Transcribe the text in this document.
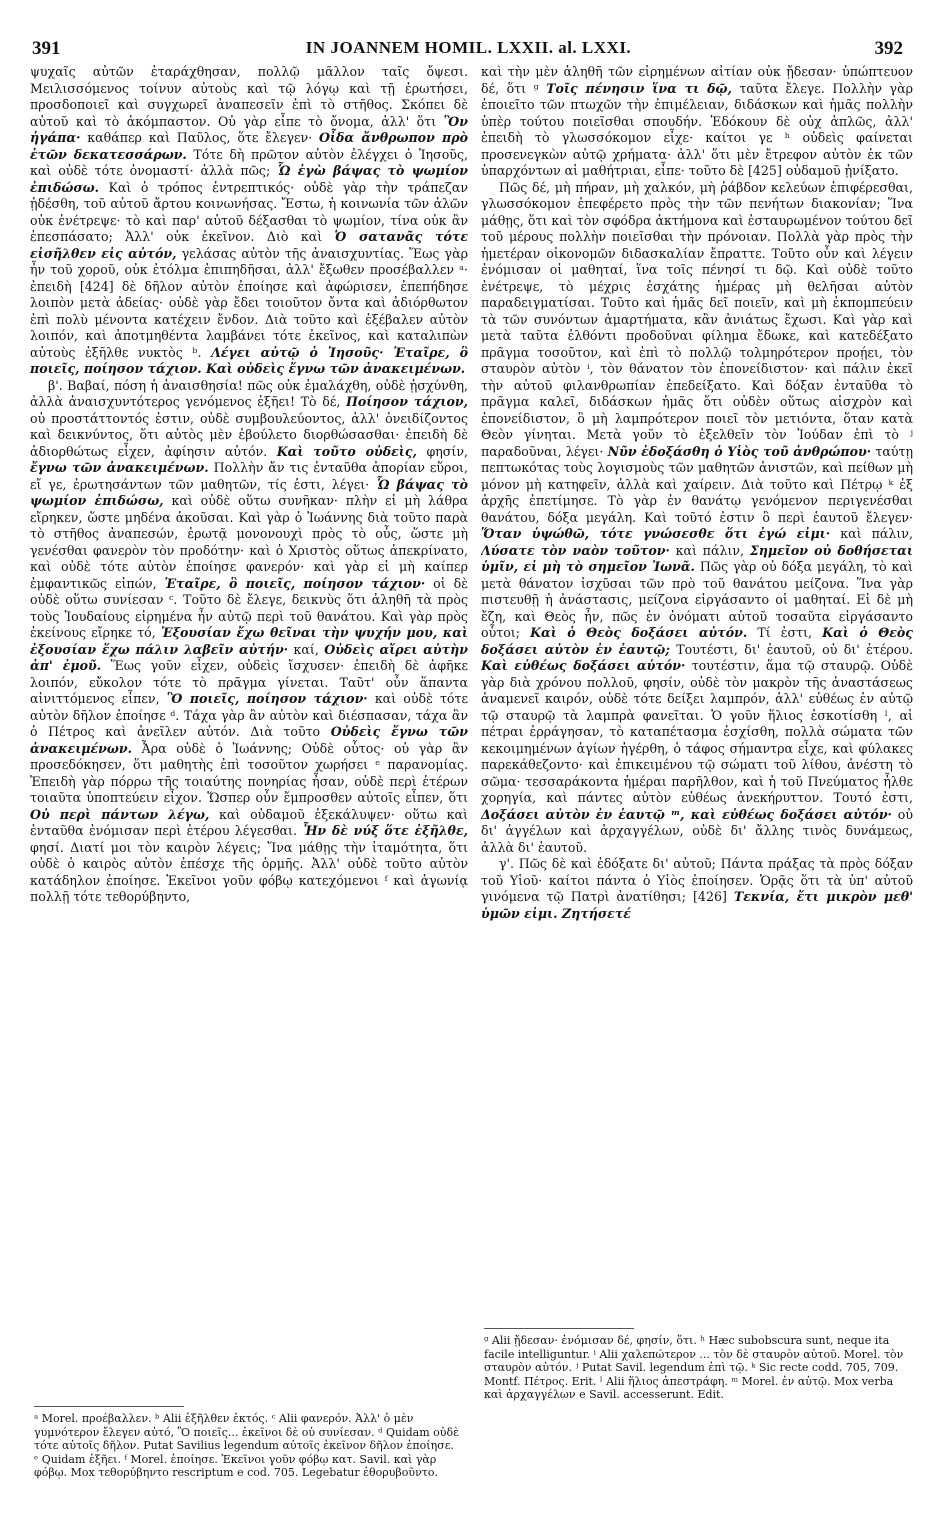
391	IN JOANNEM HOMIL. LXXII. al. LXXI.	392

ψυχαῖς αὐτῶν ἐταράχθησαν, πολλῷ μᾶλλον ταῖς ὄψεσι. Μειλισσόμενος τοίνυν αὐτοὺς καὶ τῷ λόγῳ καὶ τῇ ἐρωτήσει, προσδοποιεῖ καὶ συγχωρεῖ ἀναπεσεῖν ἐπὶ τὸ στῆθος. Σκόπει δὲ αὐτοῦ καὶ τὸ ἀκόμπαστον. Οὐ γὰρ εἶπε τὸ ὄνομα, ἀλλ' ὅτι Ὃν ἠγάπα· καθάπερ καὶ Παῦλος, ὅτε ἔλεγεν· Οἶδα ἄνθρωπον πρὸ ἐτῶν δεκατεσσάρων. Τότε δὴ πρῶτον αὐτὸν ἐλέγχει ὁ Ἰησοῦς, καὶ οὐδὲ τότε ὀνομαστί· ἀλλὰ πῶς; Ὧ ἐγὼ βάψας τὸ ψωμίον ἐπιδώσω. Καὶ ὁ τρόπος ἐντρεπτικός· οὐδὲ γὰρ τὴν τράπεζαν ᾐδέσθη, τοῦ αὐτοῦ ἄρτου κοινωνήσας. Ἔστω, ἡ κοινωνία τῶν ἁλῶν οὐκ ἐνέτρεψε· τὸ καὶ παρ' αὐτοῦ δέξασθαι τὸ ψωμίον, τίνα οὐκ ἂν ἐπεσπάσατο; Ἀλλ' οὐκ ἐκεῖνον. Διὸ καὶ Ὁ σατανᾶς τότε εἰσῆλθεν εἰς αὐτόν, γελάσας αὐτὸν τῆς ἀναισχυντίας. Ἕως γὰρ ἦν τοῦ χοροῦ, οὐκ ἐτόλμα ἐπιπηδῆσαι, ἀλλ' ἔξωθεν προσέβαλλεν ᵃ· ἐπειδὴ [424] δὲ δῆλον αὐτὸν ἐποίησε καὶ ἀφώρισεν, ἐπεπήδησε λοιπὸν μετὰ ἀδείας· οὐδὲ γὰρ ἔδει τοιοῦτον ὄντα καὶ ἀδιόρθωτον ἐπὶ πολὺ μένοντα κατέχειν ἔνδον. Διὰ τοῦτο καὶ ἐξέβαλεν αὐτὸν λοιπόν, καὶ ἀποτμηθέντα λαμβάνει τότε ἐκεῖνος, καὶ καταλιπὼν αὐτοὺς ἐξῆλθε νυκτὸς ᵇ. Λέγει αὐτῷ ὁ Ἰησοῦς· Ἑταῖρε, ὃ ποιεῖς, ποίησον τάχιον. Καὶ οὐδεὶς ἔγνω τῶν ἀνακειμένων.

β'. Βαβαί, πόση ἡ ἀναισθησία! πῶς οὐκ ἐμαλάχθη, οὐδὲ ᾐσχύνθη, ἀλλὰ ἀναισχυντότερος γενόμενος ἐξῆει! Τὸ δέ, Ποίησον τάχιον, οὐ προστάττοντός ἐστιν, οὐδὲ συμβουλεύοντος, ἀλλ' ὀνειδίζοντος καὶ δεικνύντος, ὅτι αὐτὸς μὲν ἐβούλετο διορθώσασθαι· ἐπειδὴ δὲ ἀδιορθώτως εἶχεν, ἀφίησιν αὐτόν. Καὶ τοῦτο οὐδεὶς, φησίν, ἔγνω τῶν ἀνακειμένων. Πολλὴν ἄν τις ἐνταῦθα ἀπορίαν εὕροι, εἴ γε, ἐρωτησάντων τῶν μαθητῶν, τίς ἐστι, λέγει· Ὧ βάψας τὸ ψωμίον ἐπιδώσω, καὶ οὐδὲ οὕτω συνῆκαν· πλὴν εἰ μὴ λάθρα εἴρηκεν, ὥστε μηδένα ἀκοῦσαι. Καὶ γὰρ ὁ Ἰωάννης διὰ τοῦτο παρὰ τὸ στῆθος ἀναπεσών, ἐρωτᾷ μονονουχὶ πρὸς τὸ οὖς, ὥστε μὴ γενέσθαι φανερὸν τὸν προδότην· καὶ ὁ Χριστὸς οὕτως ἀπεκρίνατο, καὶ οὐδὲ τότε αὐτὸν ἐποίησε φανερόν· καὶ γὰρ εἰ μὴ καίπερ ἐμφαντικῶς εἰπών, Ἑταῖρε, ὃ ποιεῖς, ποίησον τάχιον· οἱ δὲ οὐδὲ οὕτω συνίεσαν ᶜ. Τοῦτο δὲ ἔλεγε, δεικνὺς ὅτι ἀληθῆ τὰ πρὸς τοὺς Ἰουδαίους εἰρημένα ἦν αὐτῷ περὶ τοῦ θανάτου. Καὶ γὰρ πρὸς ἐκείνους εἴρηκε τό, Ἐξουσίαν ἔχω θεῖναι τὴν ψυχήν μου, καὶ ἐξουσίαν ἔχω πάλιν λαβεῖν αὐτήν· καί, Οὐδεὶς αἴρει αὐτὴν ἀπ' ἐμοῦ. Ἕως γοῦν εἶχεν, οὐδεὶς ἴσχυσεν· ἐπειδὴ δὲ ἀφῆκε λοιπόν, εὔκολον τότε τὸ πρᾶγμα γίνεται. Ταῦτ' οὖν ἅπαντα αἰνιττόμενος εἶπεν, Ὃ ποιεῖς, ποίησον τάχιον· καὶ οὐδὲ τότε αὐτὸν δῆλον ἐποίησε ᵈ. Τάχα γὰρ ἂν αὐτὸν καὶ διέσπασαν, τάχα ἂν ὁ Πέτρος καὶ ἀνεῖλεν αὐτόν. Διὰ τοῦτο Οὐδεὶς ἔγνω τῶν ἀνακειμένων. Ἆρα οὐδὲ ὁ Ἰωάννης; Οὐδὲ οὗτος· οὐ γὰρ ἂν προσεδόκησεν, ὅτι μαθητὴς ἐπὶ τοσοῦτον χωρήσει ᵉ παρανομίας. Ἐπειδὴ γὰρ πόρρω τῆς τοιαύτης πονηρίας ἦσαν, οὐδὲ περὶ ἑτέρων τοιαῦτα ὑποπτεύειν εἶχον. Ὥσπερ οὖν ἔμπροσθεν αὐτοῖς εἶπεν, ὅτι Οὐ περὶ πάντων λέγω, καὶ οὐδαμοῦ ἐξεκάλυψεν· οὕτω καὶ ἐνταῦθα ἐνόμισαν περὶ ἑτέρου λέγεσθαι. Ἦν δὲ νύξ ὅτε ἐξῆλθε, φησί. Διατί μοι τὸν καιρὸν λέγεις; Ἵνα μάθῃς τὴν ἰταμότητα, ὅτι οὐδὲ ὁ καιρὸς αὐτὸν ἐπέσχε τῆς ὁρμῆς. Ἀλλ' οὐδὲ τοῦτο αὐτὸν κατάδηλον ἐποίησε. Ἐκεῖνοι γοῦν φόβῳ κατεχόμενοι ᶠ καὶ ἀγωνίᾳ πολλῇ τότε τεθορύβηντο,

καὶ τὴν μὲν ἀληθῆ τῶν εἰρημένων αἰτίαν οὐκ ᾔδεσαν· ὑπώπτευον δέ, ὅτι ᵍ Τοῖς πένησιν ἵνα τι δῷ, ταῦτα ἔλεγε. Πολλὴν γὰρ ἐποιεῖτο τῶν πτωχῶν τὴν ἐπιμέλειαν, διδάσκων καὶ ἡμᾶς πολλὴν ὑπὲρ τούτου ποιεῖσθαι σπουδήν. Ἐδόκουν δὲ οὐχ ἁπλῶς, ἀλλ' ἐπειδὴ τὸ γλωσσόκομον εἶχε· καίτοι γε ʰ οὐδεὶς φαίνεται προσενεγκὼν αὐτῷ χρήματα· ἀλλ' ὅτι μὲν ἔτρεφον αὐτὸν ἐκ τῶν ὑπαρχόντων αἱ μαθήτριαι, εἶπε· τοῦτο δὲ [425] οὐδαμοῦ ᾐνίξατο.

Πῶς δέ, μὴ πήραν, μὴ χαλκόν, μὴ ῥάβδον κελεύων ἐπιφέρεσθαι, γλωσσόκομον ἐπεφέρετο πρὸς τὴν τῶν πενήτων διακονίαν; Ἵνα μάθῃς, ὅτι καὶ τὸν σφόδρα ἀκτήμονα καὶ ἐσταυρωμένον τούτου δεῖ τοῦ μέρους πολλὴν ποιεῖσθαι τὴν πρόνοιαν. Πολλὰ γὰρ πρὸς τὴν ἡμετέραν οἰκονομῶν διδασκαλίαν ἔπραττε. Τοῦτο οὖν καὶ λέγειν ἐνόμισαν οἱ μαθηταί, ἵνα τοῖς πένησί τι δῷ. Καὶ οὐδὲ τοῦτο ἐνέτρεψε, τὸ μέχρις ἐσχάτης ἡμέρας μὴ θελῆσαι αὐτὸν παραδειγματίσαι. Τοῦτο καὶ ἡμᾶς δεῖ ποιεῖν, καὶ μὴ ἐκπομπεύειν τὰ τῶν συνόντων ἁμαρτήματα, κἂν ἀνιάτως ἔχωσι. Καὶ γὰρ καὶ μετὰ ταῦτα ἐλθόντι προδοῦναι φίλημα ἔδωκε, καὶ κατεδέξατο πρᾶγμα τοσοῦτον, καὶ ἐπὶ τὸ πολλῷ τολμηρότερον προῄει, τὸν σταυρὸν αὐτὸν ⁱ, τὸν θάνατον τὸν ἐπονείδιστον· καὶ πάλιν ἐκεῖ τὴν αὐτοῦ φιλανθρωπίαν ἐπεδείξατο. Καὶ δόξαν ἐνταῦθα τὸ πρᾶγμα καλεῖ, διδάσκων ἡμᾶς ὅτι οὐδὲν οὕτως αἰσχρὸν καὶ ἐπονείδιστον, ὃ μὴ λαμπρότερον ποιεῖ τὸν μετιόντα, ὅταν κατὰ Θεὸν γίνηται. Μετὰ γοῦν τὸ ἐξελθεῖν τὸν Ἰούδαν ἐπὶ τὸ ʲ παραδοῦναι, λέγει· Νῦν ἐδοξάσθη ὁ Υἱὸς τοῦ ἀνθρώπου· ταύτῃ πεπτωκότας τοὺς λογισμοὺς τῶν μαθητῶν ἀνιστῶν, καὶ πείθων μὴ μόνον μὴ κατηφεῖν, ἀλλὰ καὶ χαίρειν. Διὰ τοῦτο καὶ Πέτρῳ ᵏ ἐξ ἀρχῆς ἐπετίμησε. Τὸ γὰρ ἐν θανάτῳ γενόμενον περιγενέσθαι θανάτου, δόξα μεγάλη. Καὶ τοῦτό ἐστιν ὃ περὶ ἑαυτοῦ ἔλεγεν· Ὅταν ὑψώθῶ, τότε γνώσεσθε ὅτι ἐγώ εἰμι· καὶ πάλιν, Λύσατε τὸν ναὸν τοῦτον· καὶ πάλιν, Σημεῖον οὐ δοθήσεται ὑμῖν, εἰ μὴ τὸ σημεῖον Ἰωνᾶ. Πῶς γὰρ οὐ δόξα μεγάλη, τὸ καὶ μετὰ θάνατον ἰσχῦσαι τῶν πρὸ τοῦ θανάτου μείζονα. Ἵνα γὰρ πιστευθῇ ἡ ἀνάστασις, μείζονα εἰργάσαντο οἱ μαθηταί. Εἰ δὲ μὴ ἔζη, καὶ Θεὸς ἦν, πῶς ἐν ὀνόματι αὐτοῦ τοσαῦτα εἰργάσαντο οὗτοι; Καὶ ὁ Θεὸς δοξάσει αὐτόν. Τί ἐστι, Καὶ ὁ Θεὸς δοξάσει αὐτὸν ἐν ἑαυτῷ; Τουτέστι, δι' ἑαυτοῦ, οὐ δι' ἑτέρου. Καὶ εὐθέως δοξάσει αὐτόν· τουτέστιν, ἅμα τῷ σταυρῷ. Οὐδὲ γὰρ διὰ χρόνου πολλοῦ, φησίν, οὐδὲ τὸν μακρὸν τῆς ἀναστάσεως ἀναμενεῖ καιρόν, οὐδὲ τότε δείξει λαμπρόν, ἀλλ' εὐθέως ἐν αὐτῷ τῷ σταυρῷ τὰ λαμπρὰ φανεῖται. Ὁ γοῦν ἥλιος ἐσκοτίσθη ˡ, αἱ πέτραι ἐρράγησαν, τὸ καταπέτασμα ἐσχίσθη, πολλὰ σώματα τῶν κεκοιμημένων ἁγίων ἠγέρθη, ὁ τάφος σήμαντρα εἶχε, καὶ φύλακες παρεκάθεζοντο· καὶ ἐπικειμένου τῷ σώματι τοῦ λίθου, ἀνέστη τὸ σῶμα· τεσσαράκοντα ἡμέραι παρῆλθον, καὶ ἡ τοῦ Πνεύματος ἦλθε χορηγία, καὶ πάντες αὐτὸν εὐθέως ἀνεκήρυττον. Τουτό ἐστι, Δοξάσει αὐτὸν ἐν ἑαυτῷ ᵐ, καὶ εὐθέως δοξάσει αὐτόν· οὐ δι' ἀγγέλων καὶ ἀρχαγγέλων, οὐδὲ δι' ἄλλης τινὸς δυνάμεως, ἀλλὰ δι' ἑαυτοῦ.

γ'. Πῶς δὲ καὶ ἐδόξατε δι' αὐτοῦ; Πάντα πράξας τὰ πρὸς δόξαν τοῦ Υἱοῦ· καίτοι πάντα ὁ Υἱὸς ἐποίησεν. Ὁρᾷς ὅτι τὰ ὑπ' αὐτοῦ γινόμενα τῷ Πατρὶ ἀνατίθησι; [426] Τεκνία, ἔτι μικρὸν μεθ' ὑμῶν εἰμι. Ζητήσετέ

ᵃ Morel. προέβαλλεν. ᵇ Alii ἐξῆλθεν ἐκτός. ᶜ Alii φανερόν. Ἀλλ' ὁ μὲν γυμνότερον ἔλεγεν αὐτό, Ὃ ποιεῖς... ἐκεῖνοι δὲ οὐ συνίεσαν. ᵈ Quidam οὐδὲ τότε αὐτοῖς δῆλον. Putat Savilius legendum αὐτοῖς ἐκεῖνον δῆλον ἐποίησε.

ᵉ Quidam ἐξῆει. ᶠ Morel. ἐποίησε. Ἐκεῖνοι γοῦν φόβῳ κατ. Savil. καὶ γὰρ φόβῳ. Mox τεθορύβηντο rescriptum e cod. 705. Legebatur ἐθορυβοῦντο.

ᵍ Alii ᾔδεσαν· ἐνόμισαν δέ, φησίν, ὅτι. ʰ Hæc subobscura sunt, neque ita facile intelliguntur. ⁱ Alii χαλεπώτερον ... τὸν δὲ σταυρὸν αὐτοῦ. Morel. τὸν σταυρὸν αὐτόν. ʲ Putat Savil. legendum ἐπὶ τῷ. ᵏ Sic recte codd. 705, 709. Montf. Πέτρος. Erit. ˡ Alii ἥλιος ἀπεστράφη. ᵐ Morel. ἐν αὐτῷ. Mox verba καὶ ἀρχαγγέλων e Savil. accesserunt. Edit.
